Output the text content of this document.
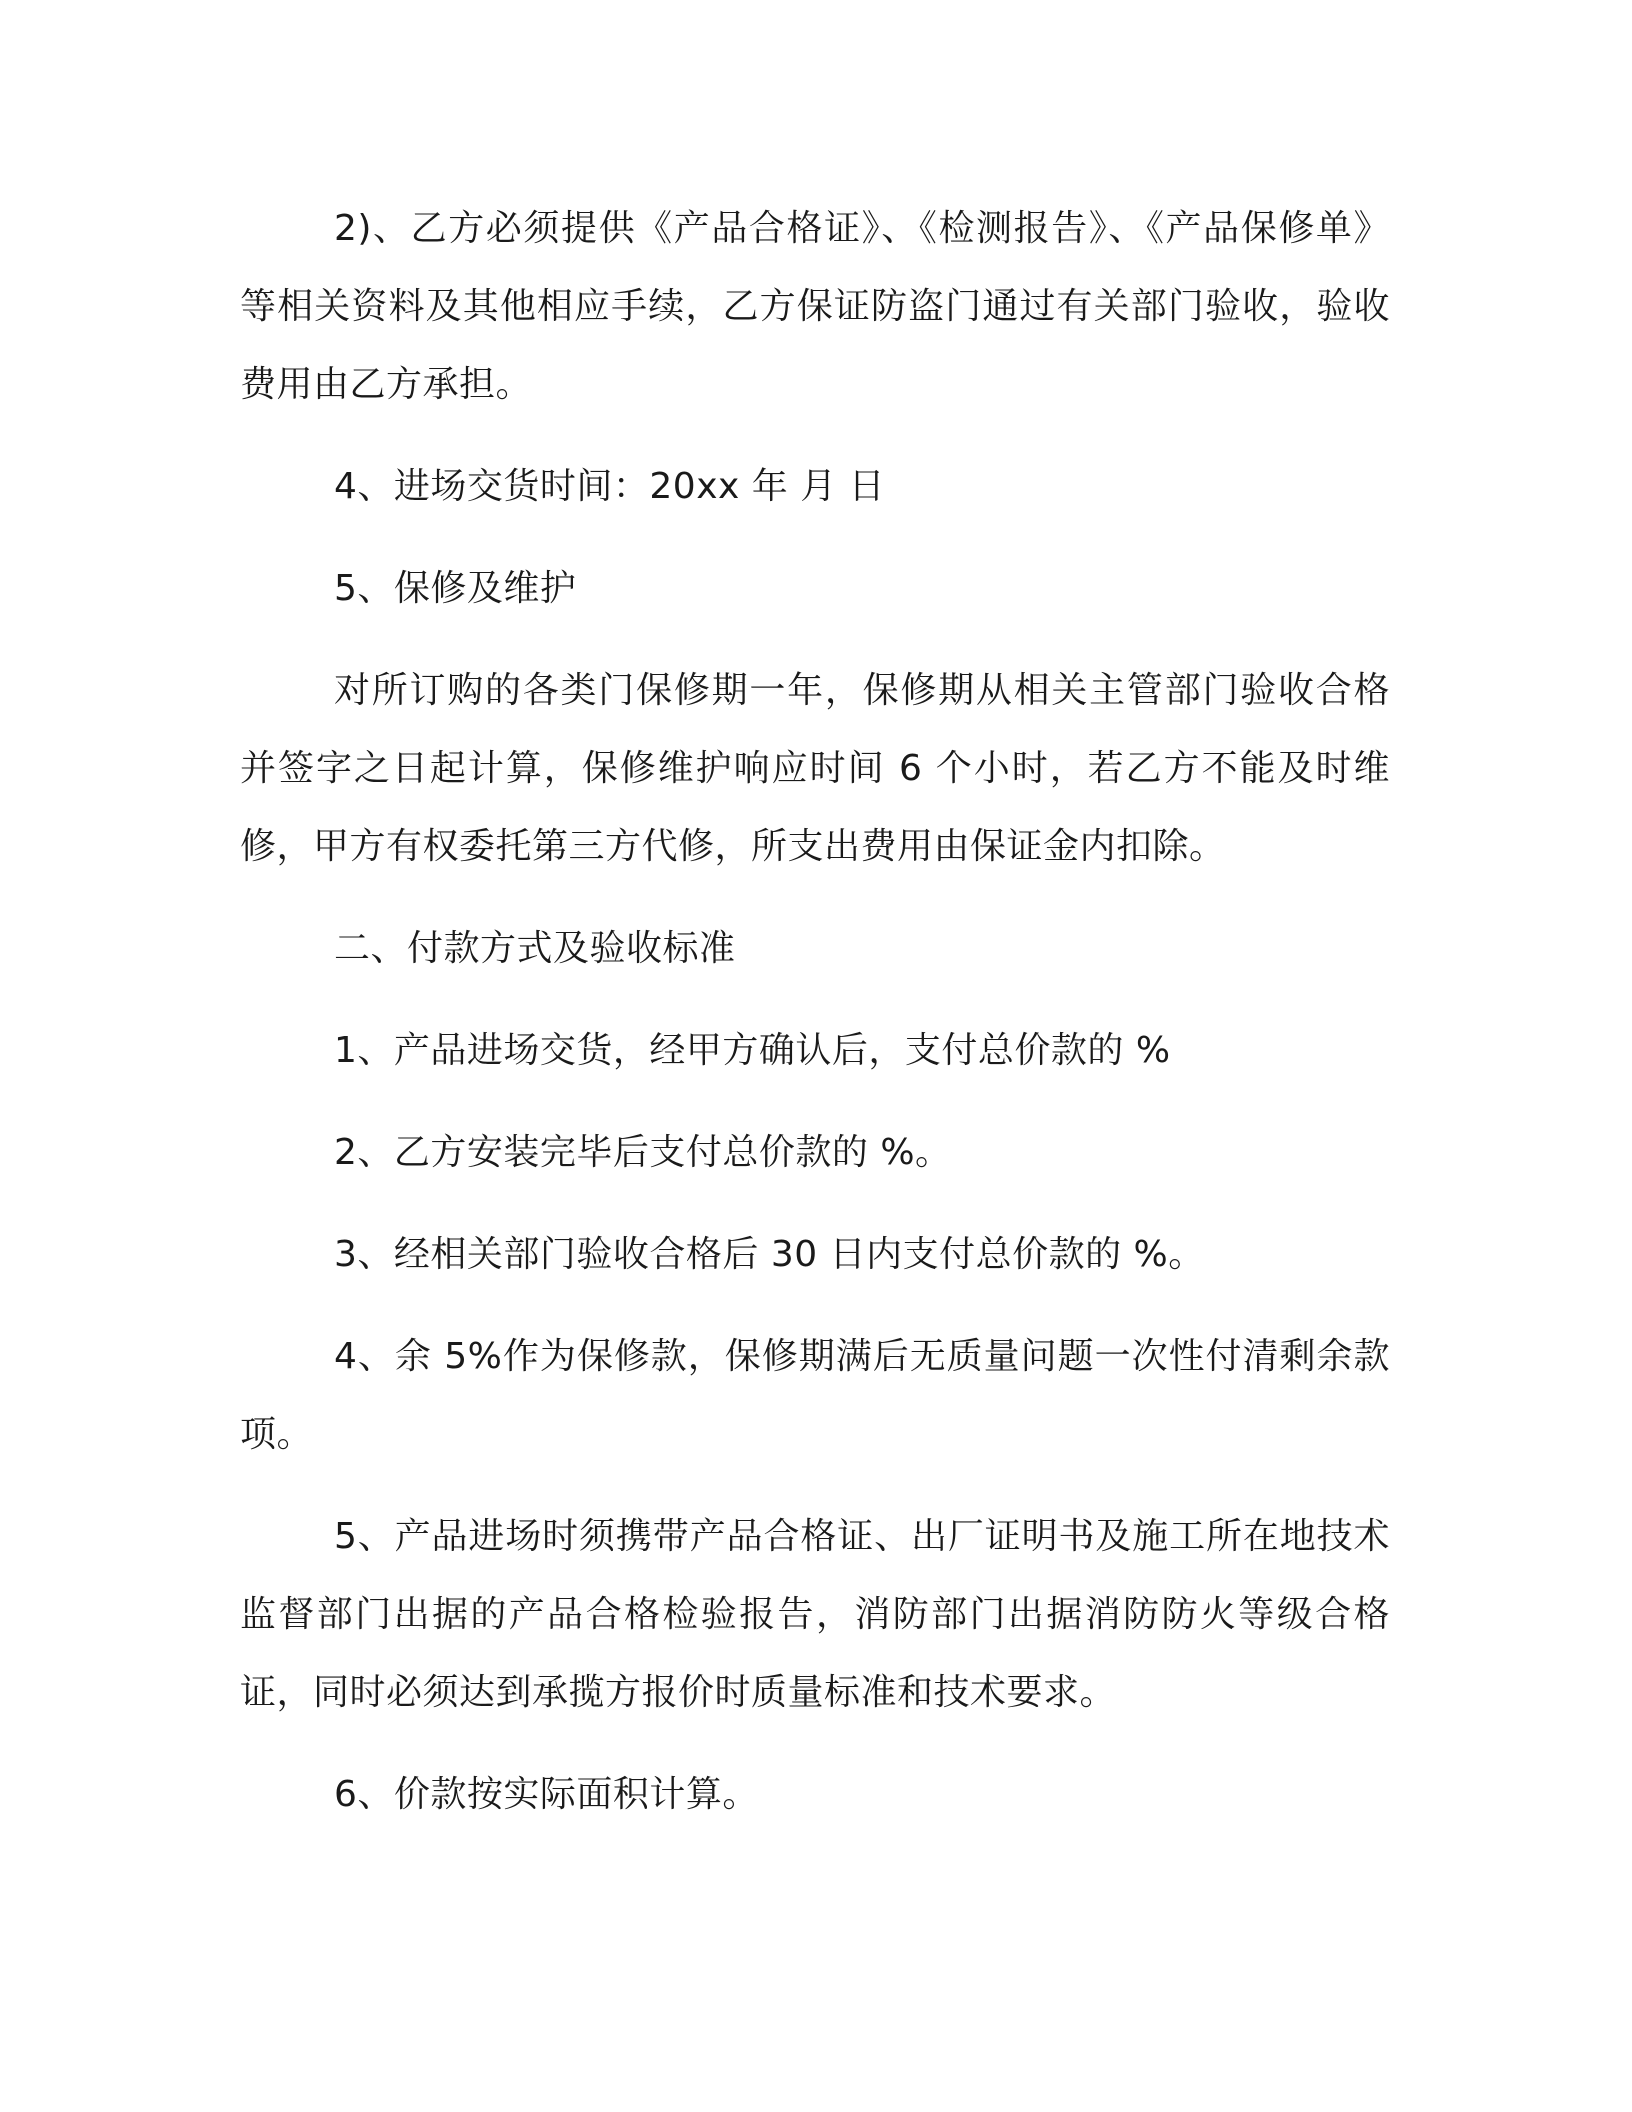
2)、乙方必须提供《产品合格证》、《检测报告》、《产品保修单》等相关资料及其他相应手续，乙方保证防盗门通过有关部门验收，验收费用由乙方承担。

4、进场交货时间：20xx 年 月 日

5、保修及维护

对所订购的各类门保修期一年，保修期从相关主管部门验收合格并签字之日起计算，保修维护响应时间 6 个小时，若乙方不能及时维修，甲方有权委托第三方代修，所支出费用由保证金内扣除。

二、付款方式及验收标准

1、产品进场交货，经甲方确认后，支付总价款的 %

2、乙方安装完毕后支付总价款的 %。

3、经相关部门验收合格后 30 日内支付总价款的 %。

4、余 5%作为保修款，保修期满后无质量问题一次性付清剩余款项。

5、产品进场时须携带产品合格证、出厂证明书及施工所在地技术监督部门出据的产品合格检验报告，消防部门出据消防防火等级合格证，同时必须达到承揽方报价时质量标准和技术要求。

6、价款按实际面积计算。
